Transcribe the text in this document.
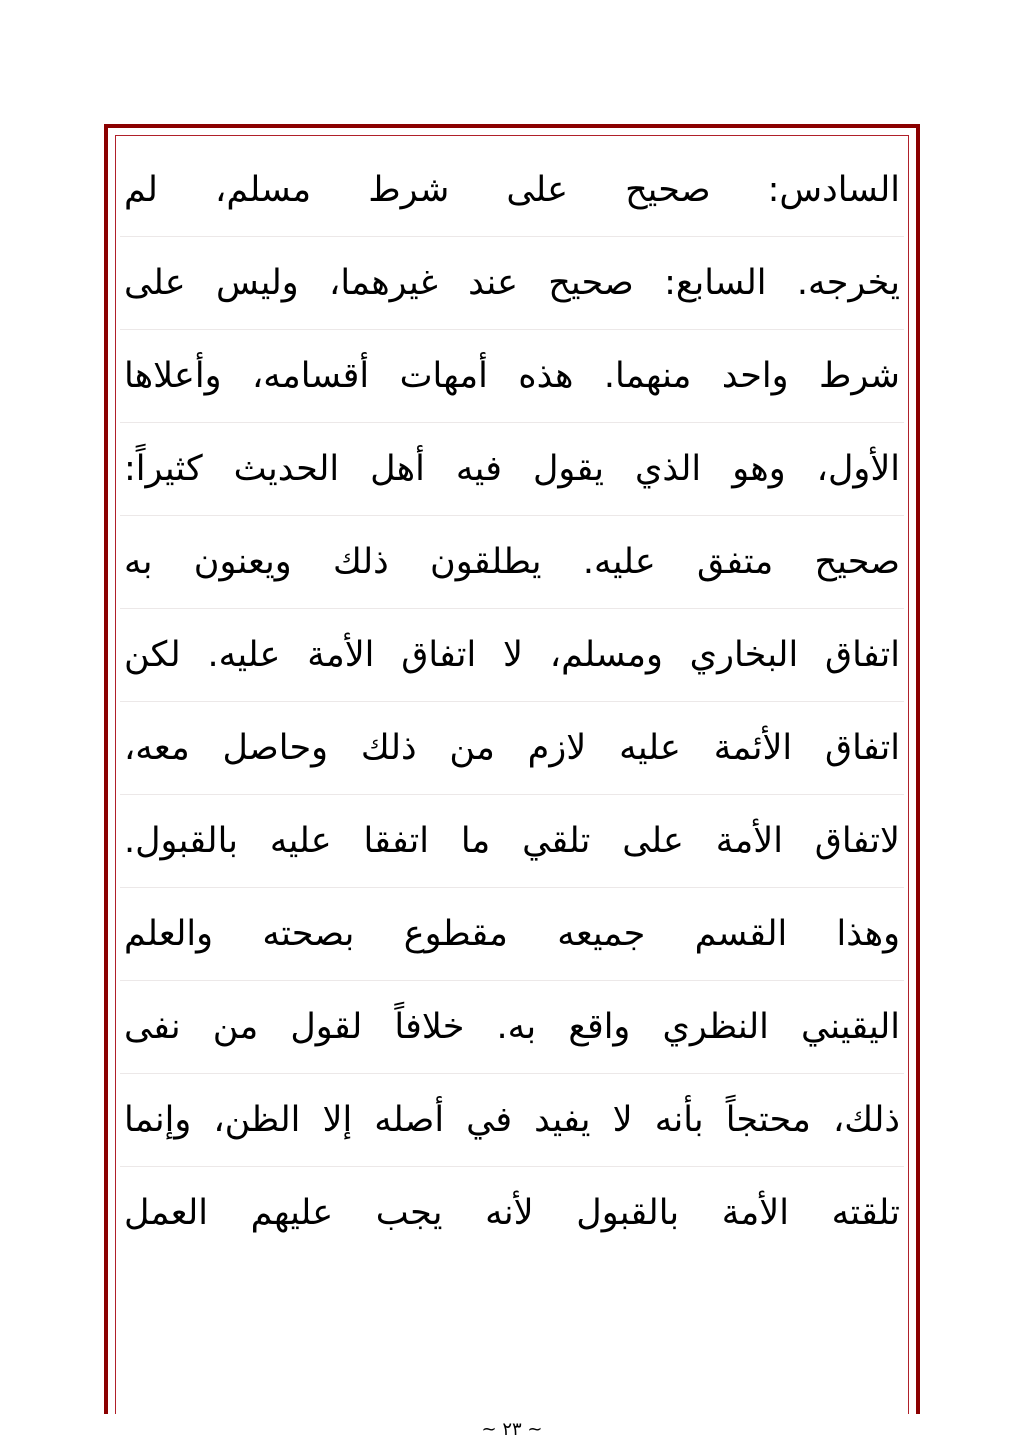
السادس: صحيح على شرط مسلم، لم
يخرجه. السابع: صحيح عند غيرهما، وليس على
شرط واحد منهما. هذه أمهات أقسامه، وأعلاها
الأول، وهو الذي يقول فيه أهل الحديث كثيراً:
صحيح متفق عليه. يطلقون ذلك ويعنون به
اتفاق البخاري ومسلم، لا اتفاق الأمة عليه. لكن
اتفاق الأئمة عليه لازم من ذلك وحاصل معه،
لاتفاق الأمة على تلقي ما اتفقا عليه بالقبول.
وهذا القسم جميعه مقطوع بصحته والعلم
اليقيني النظري واقع به. خلافاً لقول من نفى
ذلك، محتجاً بأنه لا يفيد في أصله إلا الظن، وإنما
تلقته الأمة بالقبول لأنه يجب عليهم العمل
~ ٢٣ ~
